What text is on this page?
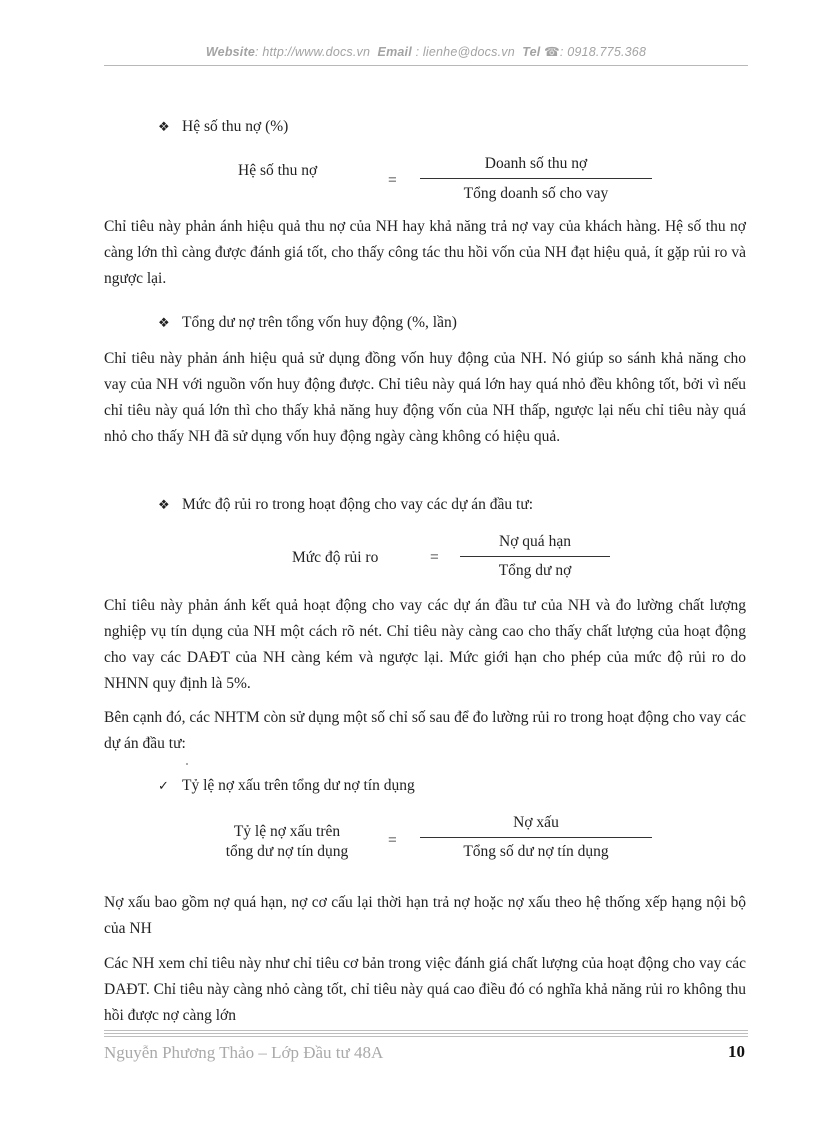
Website: http://www.docs.vn Email : lienhe@docs.vn Tel ☎: 0918.775.368
❖ Hệ số thu nợ (%)
Hệ số thu nợ
=
Doanh số thu nợ
Tổng doanh số cho vay
Chỉ tiêu này phản ánh hiệu quả thu nợ của NH hay khả năng trả nợ vay của khách hàng. Hệ số thu nợ càng lớn thì càng được đánh giá tốt, cho thấy công tác thu hồi vốn của NH đạt hiệu quả, ít gặp rủi ro và ngược lại.
❖ Tổng dư nợ trên tổng vốn huy động (%, lần)
Chỉ tiêu này phản ánh hiệu quả sử dụng đồng vốn huy động của NH. Nó giúp so sánh khả năng cho vay của NH với nguồn vốn huy động được. Chỉ tiêu này quá lớn hay quá nhỏ đều không tốt, bởi vì nếu chỉ tiêu này quá lớn thì cho thấy khả năng huy động vốn của NH thấp, ngược lại nếu chỉ tiêu này quá nhỏ cho thấy NH đã sử dụng vốn huy động ngày càng không có hiệu quả.
❖ Mức độ rủi ro trong hoạt động cho vay các dự án đầu tư:
Mức độ rủi ro	=
Nợ quá hạn
Tổng dư nợ
Chỉ tiêu này phản ánh kết quả hoạt động cho vay các dự án đầu tư của NH và đo lường chất lượng nghiệp vụ tín dụng của NH một cách rõ nét. Chỉ tiêu này càng cao cho thấy chất lượng của hoạt động cho vay các DAĐT của NH càng kém và ngược lại. Mức giới hạn cho phép của mức độ rủi ro do NHNN quy định là 5%.
Bên cạnh đó, các NHTM còn sử dụng một số chỉ số sau để đo lường rủi ro trong hoạt động cho vay các dự án đầu tư:
✓ Tỷ lệ nợ xấu trên tổng dư nợ tín dụng
Tỷ lệ nợ xấu trên
tổng dư nợ tín dụng
=
Nợ xấu
Tổng số dư nợ tín dụng
Nợ xấu bao gồm nợ quá hạn, nợ cơ cấu lại thời hạn trả nợ hoặc nợ xấu theo hệ thống xếp hạng nội bộ của NH
Các NH xem chỉ tiêu này như chỉ tiêu cơ bản trong việc đánh giá chất lượng của hoạt động cho vay các DAĐT. Chỉ tiêu này càng nhỏ càng tốt, chỉ tiêu này quá cao điều đó có nghĩa khả năng rủi ro không thu hồi được nợ càng lớn
Nguyễn Phương Thảo – Lớp Đầu tư 48A	10
